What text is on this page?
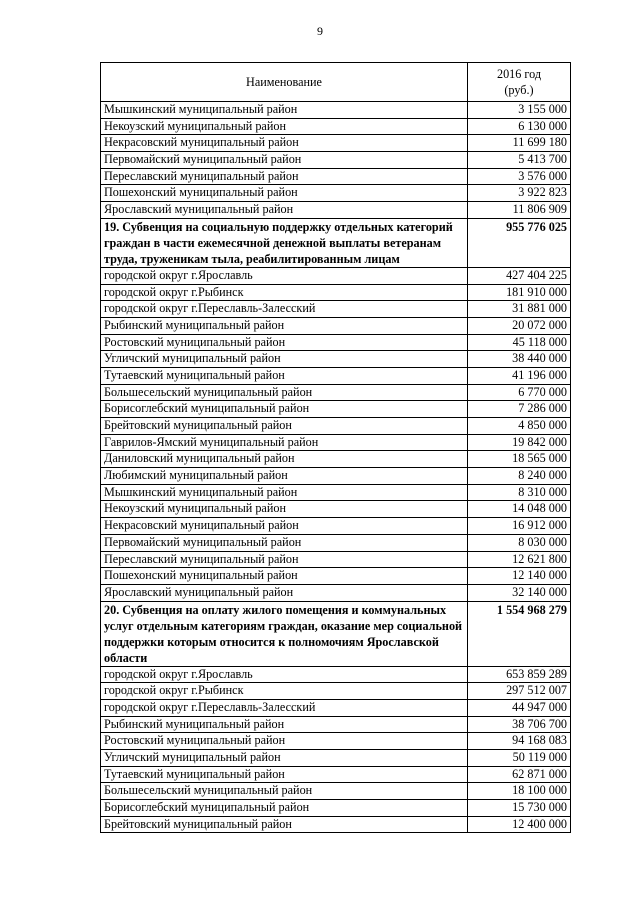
9
Наименование	2016 год
(руб.)

Мышкинский муниципальный район	3 155 000
Некоузский муниципальный район	6 130 000
Некрасовский муниципальный район	11 699 180
Первомайский муниципальный район	5 413 700
Переславский муниципальный район	3 576 000
Пошехонский муниципальный район	3 922 823
Ярославский муниципальный район	11 806 909
19. Субвенция на социальную поддержку отдельных категорий граждан в части ежемесячной денежной выплаты ветеранам труда, труженикам тыла, реабилитированным лицам	955 776 025
городской округ г.Ярославль	427 404 225
городской округ г.Рыбинск	181 910 000
городской округ г.Переславль-Залесский	31 881 000
Рыбинский муниципальный район	20 072 000
Ростовский муниципальный район	45 118 000
Угличский муниципальный район	38 440 000
Тутаевский муниципальный район	41 196 000
Большесельский муниципальный район	6 770 000
Борисоглебский муниципальный район	7 286 000
Брейтовский муниципальный район	4 850 000
Гаврилов-Ямский муниципальный район	19 842 000
Даниловский муниципальный район	18 565 000
Любимский муниципальный район	8 240 000
Мышкинский муниципальный район	8 310 000
Некоузский муниципальный район	14 048 000
Некрасовский муниципальный район	16 912 000
Первомайский муниципальный район	8 030 000
Переславский муниципальный район	12 621 800
Пошехонский муниципальный район	12 140 000
Ярославский муниципальный район	32 140 000
20. Субвенция на оплату жилого помещения и коммунальных услуг отдельным категориям граждан, оказание мер социальной поддержки которым относится к полномочиям Ярославской области	1 554 968 279
городской округ г.Ярославль	653 859 289
городской округ г.Рыбинск	297 512 007
городской округ г.Переславль-Залесский	44 947 000
Рыбинский муниципальный район	38 706 700
Ростовский муниципальный район	94 168 083
Угличский муниципальный район	50 119 000
Тутаевский муниципальный район	62 871 000
Большесельский муниципальный район	18 100 000
Борисоглебский муниципальный район	15 730 000
Брейтовский муниципальный район	12 400 000
